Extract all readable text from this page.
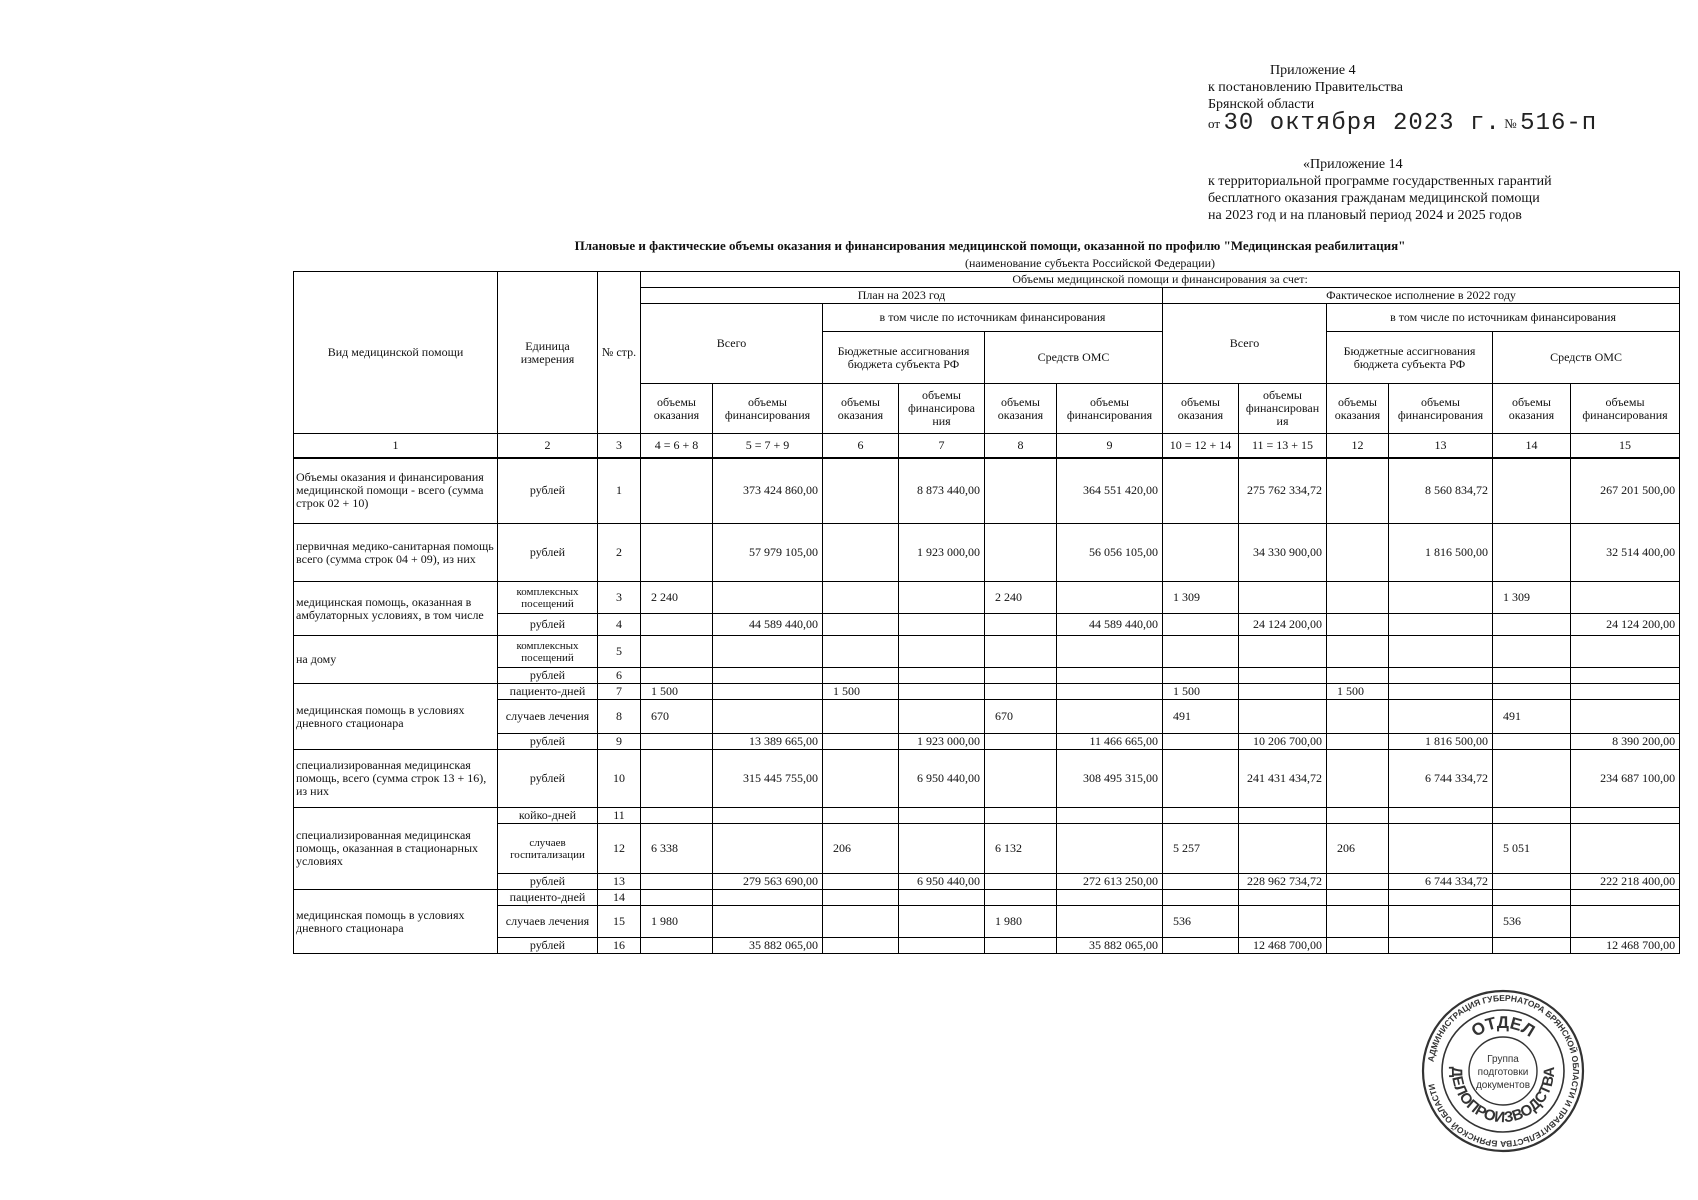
Приложение 4
к постановлению Правительства
Брянской области
от 30 октября 2023 г. № 516-п
«Приложение 14
к территориальной программе государственных гарантий
бесплатного оказания гражданам медицинской помощи
на 2023 год и на плановый период 2024 и 2025 годов
Плановые и фактические объемы оказания и финансирования медицинской помощи, оказанной по профилю "Медицинская реабилитация"
(наименование субъекта Российской Федерации)
Вид медицинской помощи	Единица измерения	№ стр.	Объемы медицинской помощи и финансирования за счет:											
			План на 2023 год						Фактическое исполнение в 2022 году					
			Всего		в том числе по источникам финансирования				Всего		в том числе по источникам финансирования			
					Бюджетные ассигнования бюджета субъекта РФ		Средств ОМС				Бюджетные ассигнования бюджета субъекта РФ		Средств ОМС	
			объемы оказания	объемы финансирования	объемы оказания	объемы финансирова ния	объемы оказания	объемы финансирования	объемы оказания	объемы финансирован ия	объемы оказания	объемы финансирования	объемы оказания	объемы финансирования
1	2	3	4 = 6 + 8	5 = 7 + 9	6	7	8	9	10 = 12 + 14	11 = 13 + 15	12	13	14	15
Объемы оказания и финансирования медицинской помощи - всего (сумма строк 02 + 10)	рублей	1		373 424 860,00		8 873 440,00		364 551 420,00		275 762 334,72		8 560 834,72		267 201 500,00
первичная медико-санитарная помощь всего (сумма строк 04 + 09), из них	рублей	2		57 979 105,00		1 923 000,00		56 056 105,00		34 330 900,00		1 816 500,00		32 514 400,00
медицинская помощь, оказанная в амбулаторных условиях, в том числе	комплексных посещений	3	2 240				2 240		1 309				1 309	
	рублей	4		44 589 440,00				44 589 440,00		24 124 200,00				24 124 200,00
на дому	комплексных посещений	5												
	рублей	6												
медицинская помощь в условиях дневного стационара	пациенто-дней	7	1 500		1 500				1 500		1 500			
	случаев лечения	8	670				670		491				491	
	рублей	9		13 389 665,00		1 923 000,00		11 466 665,00		10 206 700,00		1 816 500,00		8 390 200,00
специализированная медицинская помощь, всего (сумма строк 13 + 16), из них	рублей	10		315 445 755,00		6 950 440,00		308 495 315,00		241 431 434,72		6 744 334,72		234 687 100,00
специализированная медицинская помощь, оказанная в стационарных условиях	койко-дней	11												
	случаев госпитализации	12	6 338		206		6 132		5 257		206		5 051	
	рублей	13		279 563 690,00		6 950 440,00		272 613 250,00		228 962 734,72		6 744 334,72		222 218 400,00
медицинская помощь в условиях дневного стационара	пациенто-дней	14												
	случаев лечения	15	1 980				1 980		536				536	
	рублей	16		35 882 065,00				35 882 065,00		12 468 700,00				12 468 700,00
АДМИНИСТРАЦИЯ ГУБЕРНАТОРА БРЯНСКОЙ ОБЛАСТИ И ПРАВИТЕЛЬСТВА БРЯНСКОЙ ОБЛАСТИ
ОТДЕЛ
ДЕЛОПРОИЗВОДСТВА
Группа
подготовки
документов
